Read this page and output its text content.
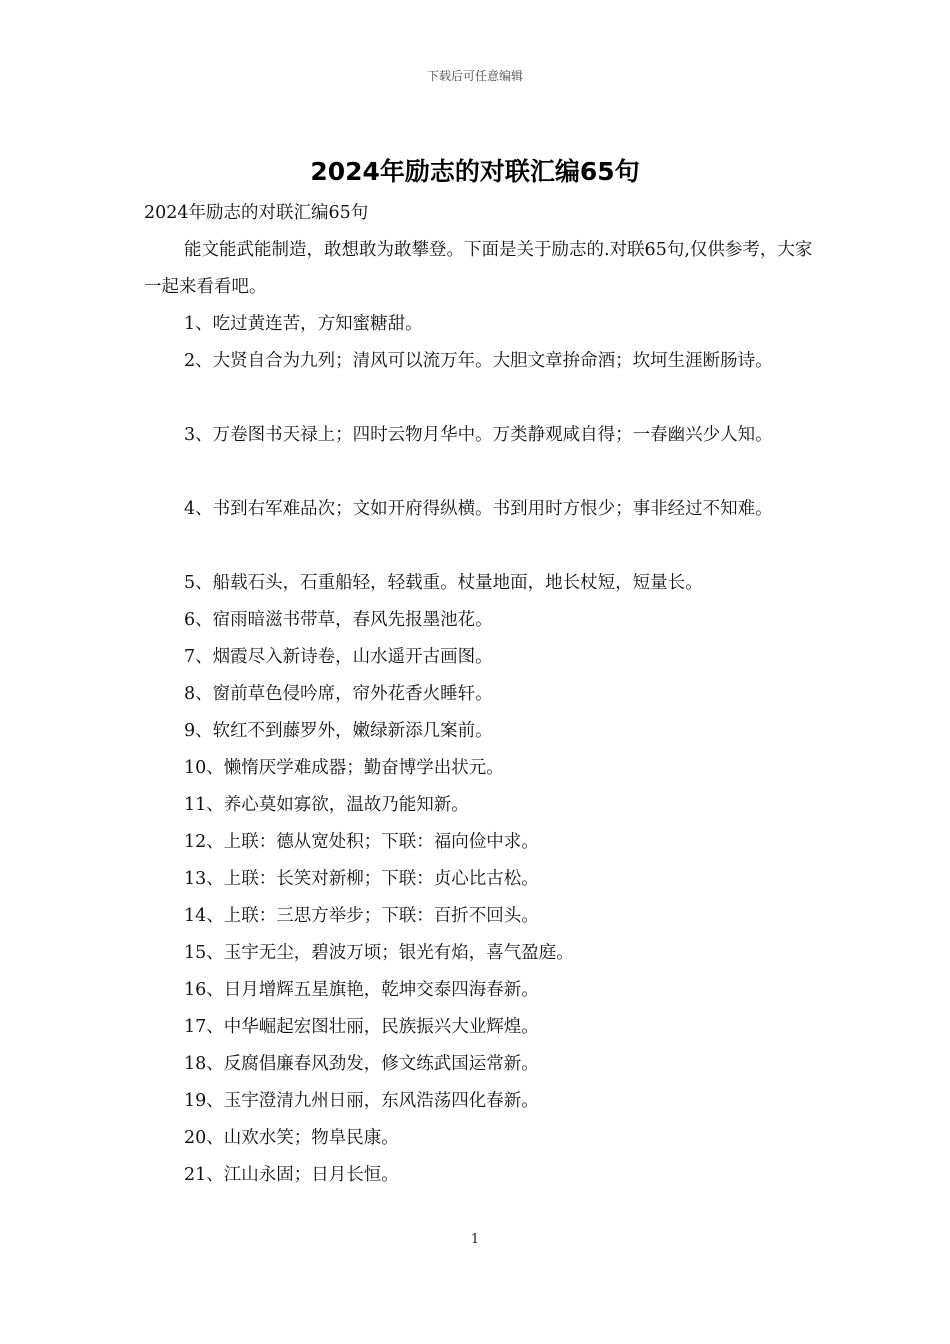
下载后可任意编辑
2024年励志的对联汇编65句

2024年励志的对联汇编65句

能文能武能制造，敢想敢为敢攀登。下面是关于励志的.对联65句,仅供参考，大家一起来看看吧。

1、吃过黄连苦，方知蜜糖甜。

2、大贤自合为九列；清风可以流万年。大胆文章拚命酒；坎坷生涯断肠诗。

3、万卷图书天禄上；四时云物月华中。万类静观咸自得；一春幽兴少人知。

4、书到右军难品次；文如开府得纵横。书到用时方恨少；事非经过不知难。

5、船载石头，石重船轻，轻载重。杖量地面，地长杖短，短量长。

6、宿雨暗滋书带草，春风先报墨池花。

7、烟霞尽入新诗卷，山水遥开古画图。

8、窗前草色侵吟席，帘外花香火睡轩。

9、软红不到藤罗外，嫩绿新添几案前。

10、懒惰厌学难成器；勤奋博学出状元。

11、养心莫如寡欲，温故乃能知新。

12、上联：德从宽处积；下联：福向俭中求。

13、上联：长笑对新柳；下联：贞心比古松。

14、上联：三思方举步；下联：百折不回头。

15、玉宇无尘，碧波万顷；银光有焰，喜气盈庭。

16、日月增辉五星旗艳，乾坤交泰四海春新。

17、中华崛起宏图壮丽，民族振兴大业辉煌。

18、反腐倡廉春风劲发，修文练武国运常新。

19、玉宇澄清九州日丽，东风浩荡四化春新。

20、山欢水笑；物阜民康。

21、江山永固；日月长恒。

1
